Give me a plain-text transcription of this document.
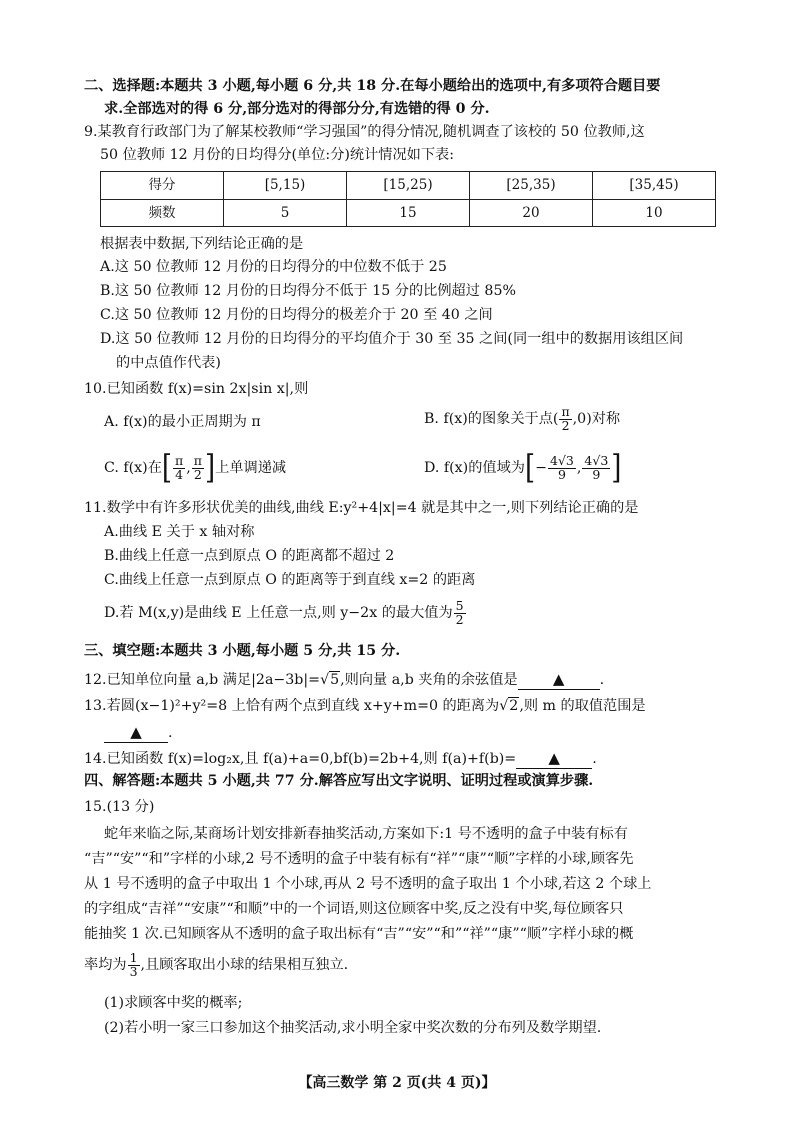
二、选择题:本题共 3 小题,每小题 6 分,共 18 分.在每小题给出的选项中,有多项符合题目要
求.全部选对的得 6 分,部分选对的得部分分,有选错的得 0 分.
9.某教育行政部门为了解某校教师“学习强国”的得分情况,随机调查了该校的 50 位教师,这
50 位教师 12 月份的日均得分(单位:分)统计情况如下表:
得分	[5,15)	[15,25)	[25,35)	[35,45)
频数	5	15	20	10
根据表中数据,下列结论正确的是
A.这 50 位教师 12 月份的日均得分的中位数不低于 25
B.这 50 位教师 12 月份的日均得分不低于 15 分的比例超过 85%
C.这 50 位教师 12 月份的日均得分的极差介于 20 至 40 之间
D.这 50 位教师 12 月份的日均得分的平均值介于 30 至 35 之间(同一组中的数据用该组区间
的中点值作代表)
10.已知函数 f(x)=sin 2x|sin x|,则
A. f(x)的最小正周期为 π	B. f(x)的图象关于点( $\frac{\pi}{2} ,0$)对称
C. f(x)在[ $\frac{\pi}{4}$ , $\frac{\pi}{2}$ ]上单调递减	D. f(x)的值域为[− $\frac{4√3}{9}$ , $\frac{4√3}{9}$ ]
11.数学中有许多形状优美的曲线,曲线 E:y²+4|x|=4 就是其中之一,则下列结论正确的是
A.曲线 E 关于 x 轴对称
B.曲线上任意一点到原点 O 的距离都不超过 2
C.曲线上任意一点到原点 O 的距离等于到直线 x=2 的距离
D.若 M(x,y)是曲线 E 上任意一点,则 y−2x 的最大值为 $\frac{5}{2}$
三、填空题:本题共 3 小题,每小题 5 分,共 15 分.
12.已知单位向量 a,b 满足|2a−3b|=√5,则向量 a,b 夹角的余弦值是 ▲ .
13.若圆(x−1)²+y²=8 上恰有两个点到直线 x+y+m=0 的距离为√2,则 m 的取值范围是
▲ .
14.已知函数 f(x)=log₂x,且 f(a)+a=0,bf(b)=2b+4,则 f(a)+f(b)= ▲ .
四、解答题:本题共 5 小题,共 77 分.解答应写出文字说明、证明过程或演算步骤.
15.(13 分)
蛇年来临之际,某商场计划安排新春抽奖活动,方案如下:1 号不透明的盒子中装有标有
“吉”“安”“和”字样的小球,2 号不透明的盒子中装有标有“祥”“康”“顺”字样的小球,顾客先
从 1 号不透明的盒子中取出 1 个小球,再从 2 号不透明的盒子取出 1 个小球,若这 2 个球上
的字组成“吉祥”“安康”“和顺”中的一个词语,则这位顾客中奖,反之没有中奖,每位顾客只
能抽奖 1 次.已知顾客从不透明的盒子取出标有“吉”“安”“和”“祥”“康”“顺”字样小球的概
率均为 $\frac{1}{3}$ ,且顾客取出小球的结果相互独立.
(1)求顾客中奖的概率;
(2)若小明一家三口参加这个抽奖活动,求小明全家中奖次数的分布列及数学期望.
【高三数学 第 2 页(共 4 页)】
